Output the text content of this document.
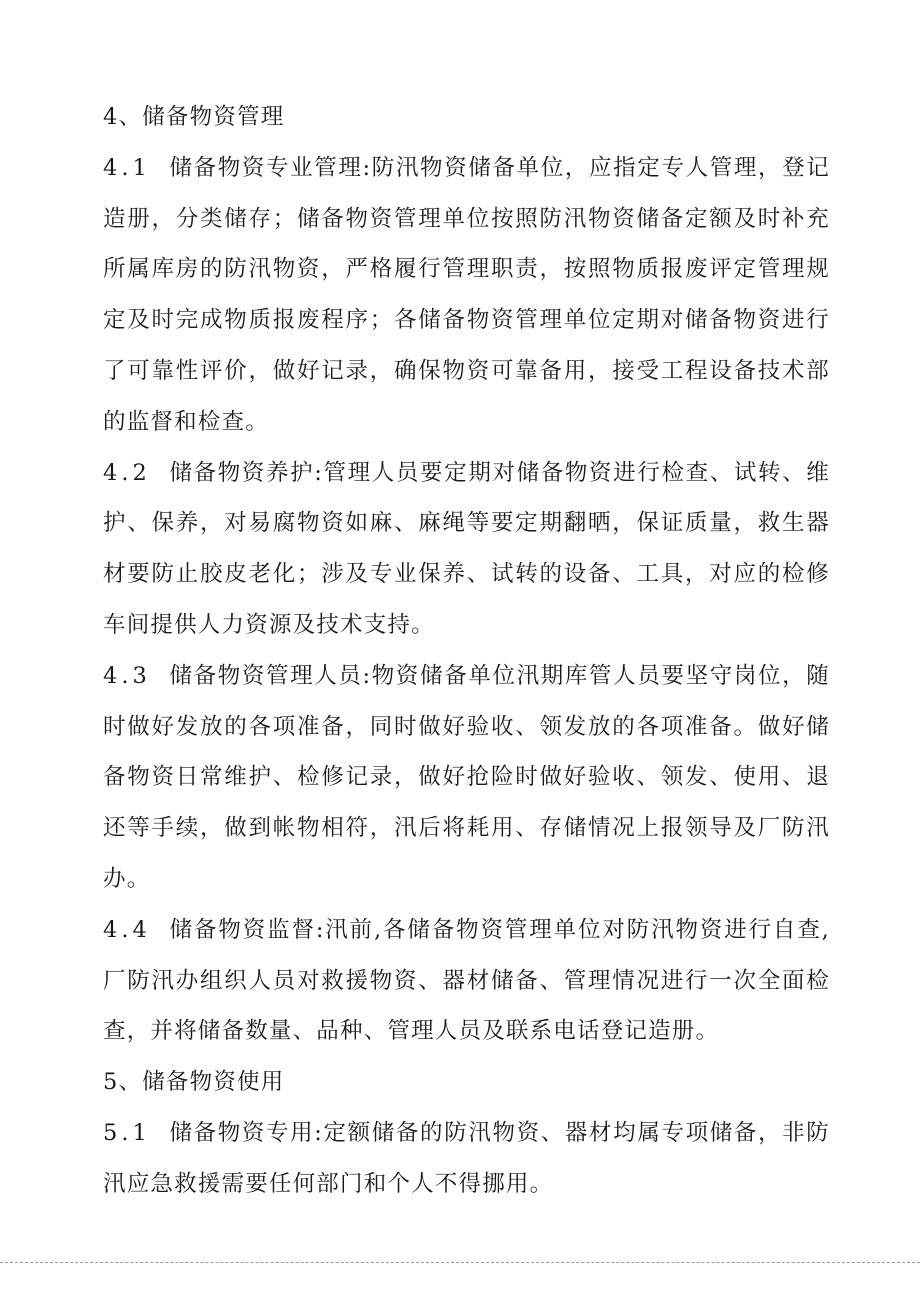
4、储备物资管理

4.1 储备物资专业管理:防汛物资储备单位，应指定专人管理，登记造册，分类储存；储备物资管理单位按照防汛物资储备定额及时补充所属库房的防汛物资，严格履行管理职责，按照物质报废评定管理规定及时完成物质报废程序；各储备物资管理单位定期对储备物资进行了可靠性评价，做好记录，确保物资可靠备用，接受工程设备技术部的监督和检查。

4.2 储备物资养护:管理人员要定期对储备物资进行检查、试转、维护、保养，对易腐物资如麻、麻绳等要定期翻晒，保证质量，救生器材要防止胶皮老化；涉及专业保养、试转的设备、工具，对应的检修车间提供人力资源及技术支持。

4.3 储备物资管理人员:物资储备单位汛期库管人员要坚守岗位，随时做好发放的各项准备，同时做好验收、领发放的各项准备。做好储备物资日常维护、检修记录，做好抢险时做好验收、领发、使用、退还等手续，做到帐物相符，汛后将耗用、存储情况上报领导及厂防汛办。

4.4 储备物资监督:汛前,各储备物资管理单位对防汛物资进行自查,厂防汛办组织人员对救援物资、器材储备、管理情况进行一次全面检查，并将储备数量、品种、管理人员及联系电话登记造册。

5、储备物资使用

5.1 储备物资专用:定额储备的防汛物资、器材均属专项储备，非防汛应急救援需要任何部门和个人不得挪用。
